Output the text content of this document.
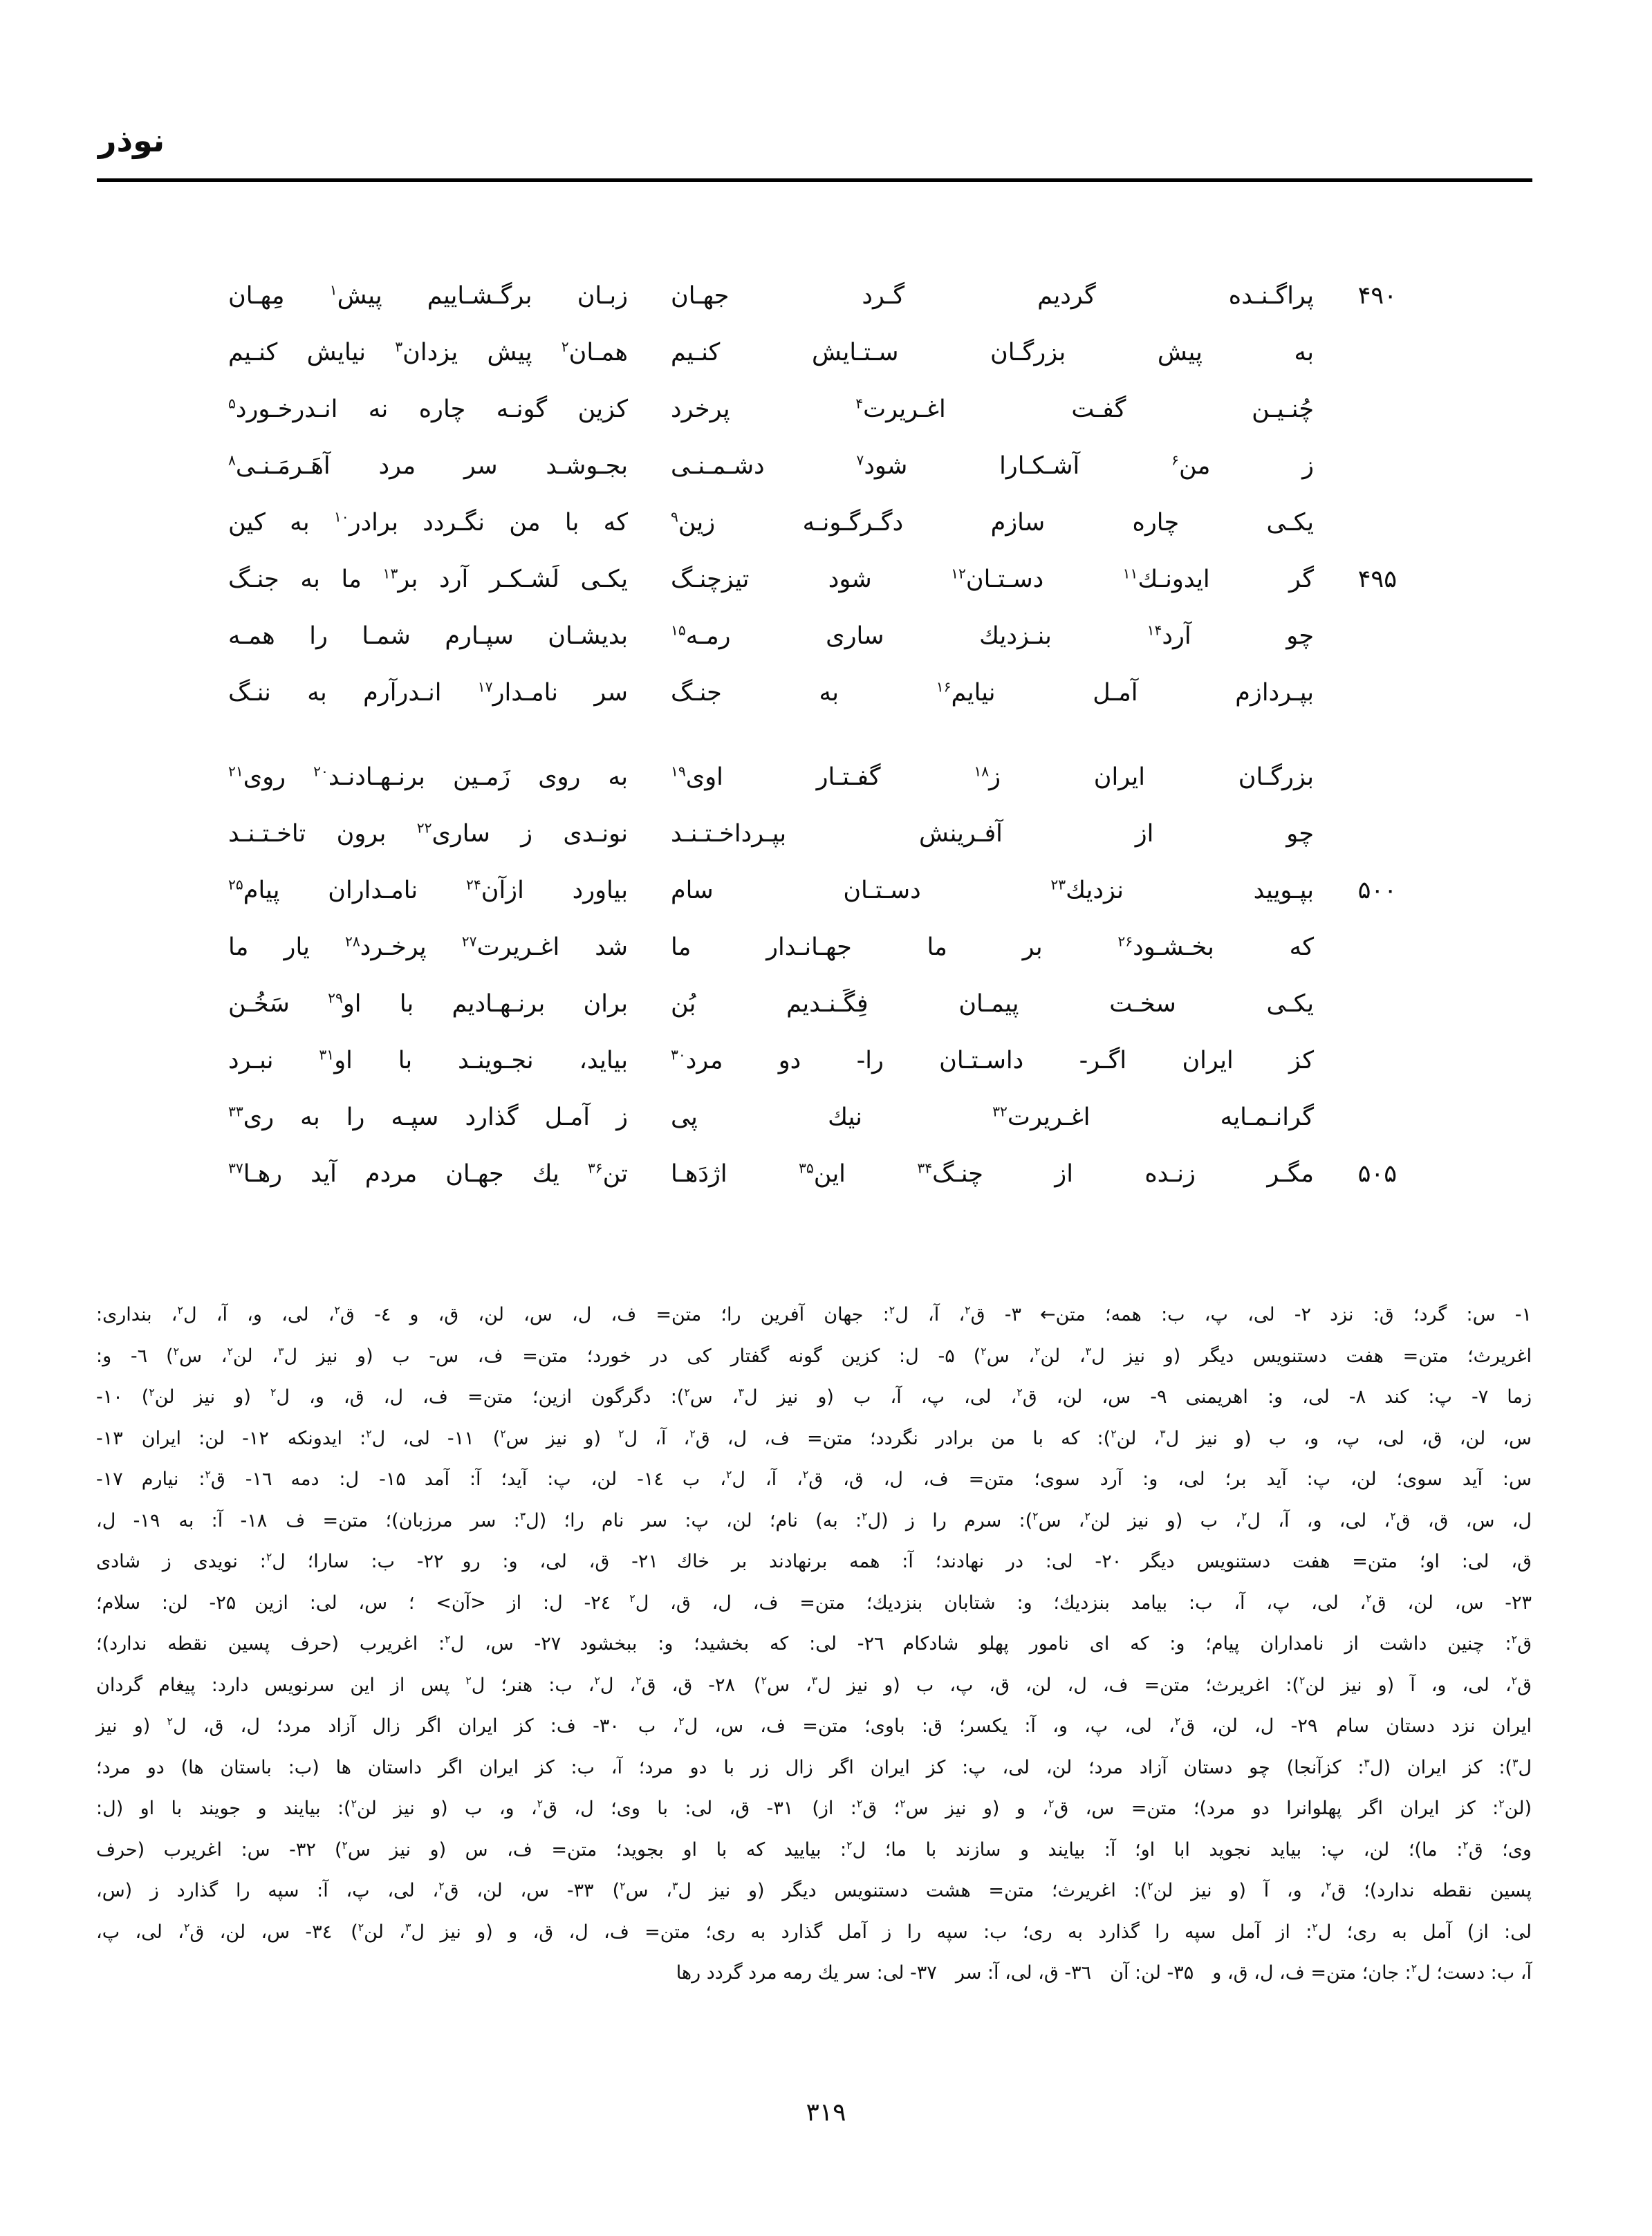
نوذر
۴۹۰
پراگـنـده گردیم گـرد جهـان
زبـان برگـشـاییم پیش$^۱$ مِهـان
به پیش بزرگـان سـتـایش کنـیم
همـان$^۲$ پیش یزدان$^۳$ نیایش کنـیم
چُنـیـن گفـت اغـریرت$^۴$ پرخرد
کزین گونـه چاره نه انـدرخـورد$^۵$
ز من$^۶$ آشـکـارا شود$^۷$ دشـمـنـی
بجـوشـد سر مرد آهَـرمَـنـی$^۸$
یکـی چاره سازم دگـرگـونـه زین$^۹$
که با من نگـردد برادر$^{۱۰}$ به کین
۴۹۵
گر ایدونـك$^{۱۱}$ دسـتـان$^{۱۲}$ شود تیزچنـگ
یکـی لَشـکـر آرد بر$^{۱۳}$ ما به جنـگ
چو آرد$^{۱۴}$ بنـزدیك ساری رمـه$^{۱۵}$
بدیشـان سپـارم شمـا را همـه
بپـردازم آمـل نیایم$^{۱۶}$ به جنـگ
سر نامـدار$^{۱۷}$ انـدرآرم به ننـگ
بزرگـان ایران ز$^{۱۸}$ گفـتـار اوی$^{۱۹}$
به روی زَمـین برنـهـادنـد$^{۲۰}$ روی$^{۲۱}$
چو از آفـرینش بپـرداخـتـنـد
نونـدی ز ساری$^{۲۲}$ برون تاخـتـنـد
۵۰۰
بپـویید نزدیك$^{۲۳}$ دسـتـان سام
بیاورد ازآن$^{۲۴}$ نامـداران پیام$^{۲۵}$
که بخـشـود$^{۲۶}$ بر ما جهـانـدار ما
شد اغـریرت$^{۲۷}$ پرخـرد$^{۲۸}$ یار ما
یکـی سخـت پیمـان فِگَـنـدیم بُن
بران برنـهـادیم با او$^{۲۹}$ سَخُـن
کز ایران اگـر- داسـتـان را- دو مرد$^{۳۰}$
بیاید، نجـوینـد با او$^{۳۱}$ نبـرد
گرانـمـایه اغـریرت$^{۳۲}$ نیك پی
ز آمـل گذارد سپـه را به ری$^{۳۳}$
۵۰۵
مگـر زنـده از چنـگ$^{۳۴}$ این$^{۳۵}$ اژدَهـا
تن$^{۳۶}$ یك جهـان مردم آید رهـا$^{۳۷}$
۱- س: گرد؛ ق: نزد  ۲- لی، پ، ب: همه؛ متن←  ۳- ق$^۲$، آ، ل$^۲$: جهان آفرین را؛ متن= ف، ل، س، لن، ق، و  ٤- ق$^۲$، لی، و، آ، ل$^۲$، بنداری:
اغریرث؛ متن= هفت دستنویس دیگر (و نیز ل$^۳$، لن$^۲$، س$^۲$)  ۵- ل: کزین گونه گفتار کی در خورد؛ متن= ف، س- ب (و نیز ل$^۳$، لن$^۲$، س$^۲$)  ٦- و:
زما  ۷- پ: کند  ۸- لی، و: اهریمنی  ۹- س، لن، ق$^۲$، لی، پ، آ، ب (و نیز ل$^۳$، س$^۲$): دگرگون ازین؛ متن= ف، ل، ق، و، ل$^۲$ (و نیز لن$^۲$)  ۱۰-
س، لن، ق، لی، پ، و، ب (و نیز ل$^۳$، لن$^۲$): که با من برادر نگردد؛ متن= ف، ل، ق$^۲$، آ، ل$^۲$ (و نیز س$^۲$)  ۱۱- لی، ل$^۲$: ایدونکه  ۱۲- لن: ایران  ۱۳-
س: آید سوی؛ لن، پ: آید بر؛ لی، و: آرد سوی؛ متن= ف، ل، ق، ق$^۲$، آ، ل$^۲$، ب  ۱٤- لن، پ: آید؛ آ: آمد  ۱۵- ل: دمه  ۱٦- ق$^۲$: نیارم  ۱۷-
ل، س، ق، ق$^۲$، لی، و، آ، ل$^۲$، ب (و نیز لن$^۲$، س$^۲$): سرم را ز (ل$^۲$: به) نام؛ لن، پ: سر نام را؛ (ل$^۳$: سر مرزبان)؛ متن= ف  ۱۸- آ: به  ۱۹- ل،
ق، لی: او؛ متن= هفت دستنویس دیگر  ۲۰- لی: در نهادند؛ آ: همه برنهادند بر خاك  ۲۱- ق، لی، و: رو  ۲۲- ب: سارا؛ ل$^۲$: نویدی ز شادی
۲۳- س، لن، ق$^۲$، لی، پ، آ، ب: بیامد بنزدیك؛ و: شتابان بنزدیك؛ متن= ف، ل، ق، ل$^۲$  ۲٤- ل: از <آن> ؛ س، لی: ازین  ۲۵- لن: سلام؛
ق$^۲$: چنین داشت از نامداران پیام؛ و: که ای نامور پهلو شادکام  ۲٦- لی: که بخشید؛ و: ببخشود  ۲۷- س، ل$^۲$: اغریرب (حرف پسین نقطه ندارد)؛
ق$^۲$، لی، و، آ (و نیز لن$^۲$): اغریرث؛ متن= ف، ل، لن، ق، پ، ب (و نیز ل$^۳$، س$^۲$)  ۲۸- ق، ق$^۲$، ل$^۲$، ب: هنر؛ ل$^۲$ پس از این سرنویس دارد: پیغام گردان
ایران نزد دستان سام  ۲۹- ل، لن، ق$^۲$، لی، پ، و، آ: یکسر؛ ق: باوی؛ متن= ف، س، ل$^۲$، ب  ۳۰- ف: کز ایران اگر زال آزاد مرد؛ ل، ق، ل$^۲$ (و نیز
ل$^۳$): کز ایران (ل$^۳$: کزآنجا) چو دستان آزاد مرد؛ لن، لی، پ: کز ایران اگر زال زر با دو مرد؛ آ، ب: کز ایران اگر داستان ها (ب: باستان ها) دو مرد؛
(لن$^۲$: کز ایران اگر پهلوانرا دو مرد)؛ متن= س، ق$^۲$، و (و نیز س$^۲$؛ ق$^۲$: از)  ۳۱- ق، لی: با وی؛ ل، ق$^۲$، و، ب (و نیز لن$^۲$): بیایند و جویند با او (ل:
وی؛ ق$^۲$: ما)؛ لن، پ: بیاید نجوید ابا او؛ آ: بیایند و سازند با ما؛ ل$^۲$: بیایید که با او بجوید؛ متن= ف، س (و نیز س$^۲$)  ۳۲- س: اغریرب (حرف
پسین نقطه ندارد)؛ ق$^۲$، و، آ (و نیز لن$^۲$): اغریرث؛ متن= هشت دستنویس دیگر (و نیز ل$^۳$، س$^۲$)  ۳۳- س، لن، ق$^۲$، لی، پ، آ: سپه را گذارد ز (س،
لی: از) آمل به ری؛ ل$^۲$: از آمل سپه را گذارد به ری؛ ب: سپه را ز آمل گذارد به ری؛ متن= ف، ل، ق، و (و نیز ل$^۳$، لن$^۲$)  ۳٤- س، لن، ق$^۲$، لی، پ،
آ، ب: دست؛ ل$^۲$: جان؛ متن= ف، ل، ق، و  ۳۵- لن: آن  ۳٦- ق، لی، آ: سر  ۳۷- لی: سر یك رمه مرد گردد رها
۳۱۹
